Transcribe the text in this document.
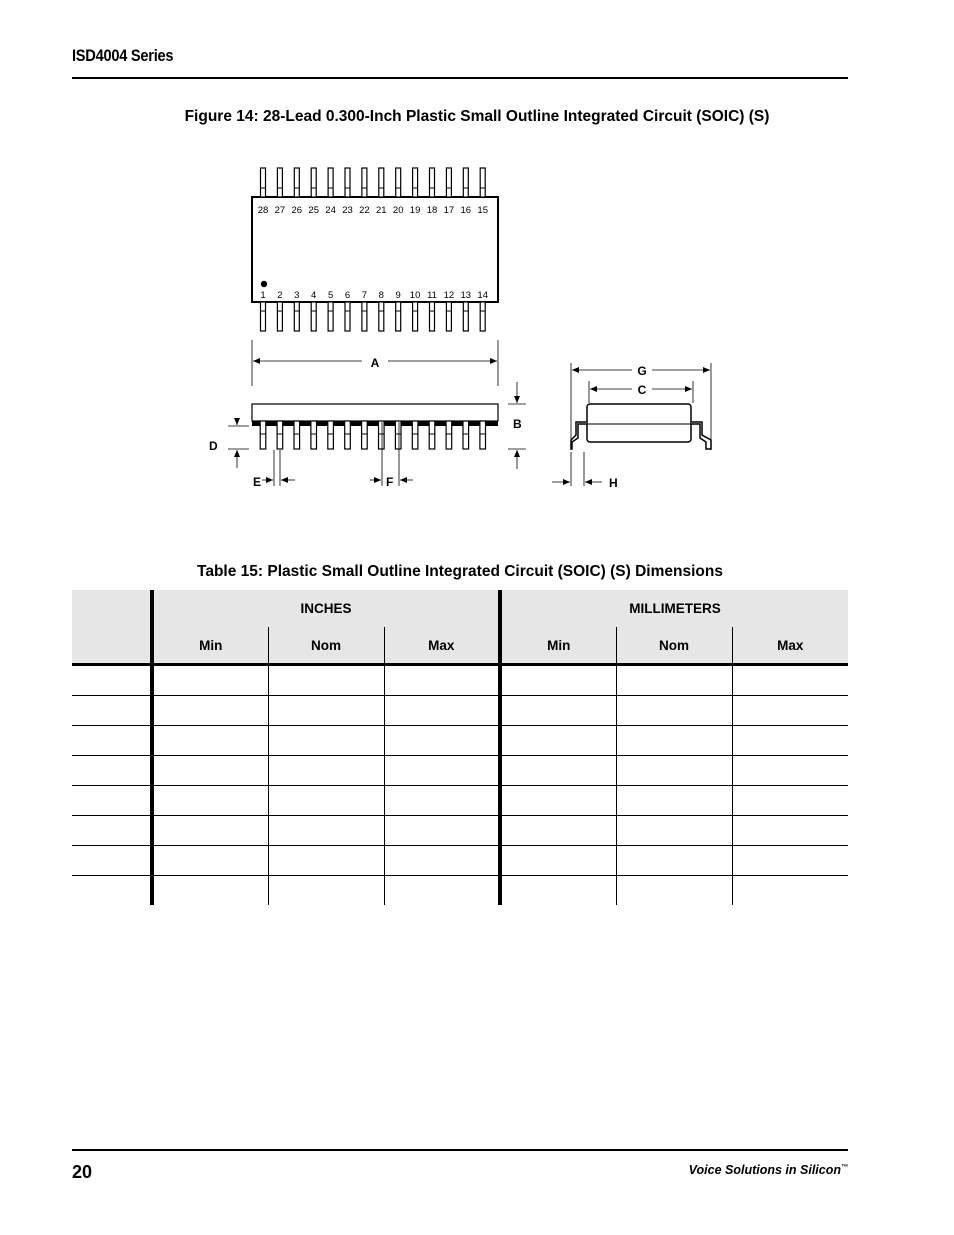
ISD4004 Series
Figure 14: 28-Lead 0.300-Inch Plastic Small Outline Integrated Circuit (SOIC) (S)
28 27 26 25 24 23 22 21 20 19 18 17 16 15
1 2 3 4 5 6 7 8 9 10 11 12 13 14
A
B
D
E	F
G
C
H
Table 15: Plastic Small Outline Integrated Circuit (SOIC) (S) Dimensions
	INCHES			MILLIMETERS		
	Min	Nom	Max	Min	Nom	Max

20	Voice Solutions in Silicon™
